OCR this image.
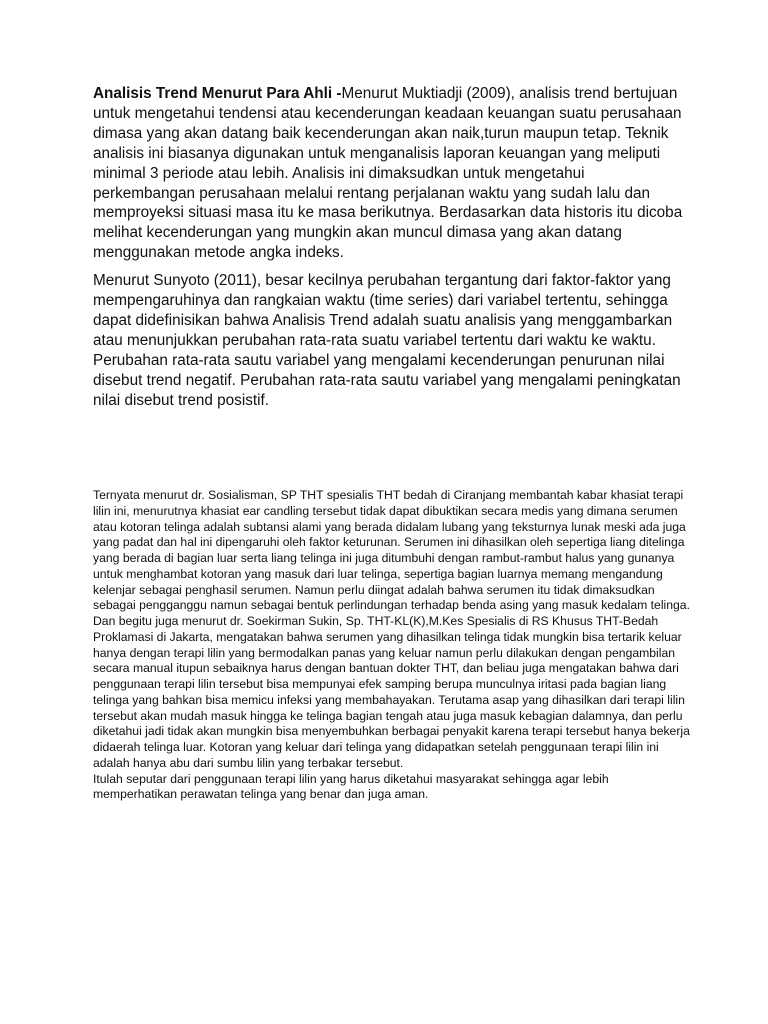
Analisis Trend Menurut Para Ahli -Menurut Muktiadji (2009), analisis trend bertujuan untuk mengetahui tendensi atau kecenderungan keadaan keuangan suatu perusahaan dimasa yang akan datang baik kecenderungan akan naik,turun maupun tetap. Teknik analisis ini biasanya digunakan untuk menganalisis laporan keuangan yang meliputi minimal 3 periode atau lebih. Analisis ini dimaksudkan untuk mengetahui perkembangan perusahaan melalui rentang perjalanan waktu yang sudah lalu dan memproyeksi situasi masa itu ke masa berikutnya. Berdasarkan data historis itu dicoba melihat kecenderungan yang mungkin akan muncul dimasa yang akan datang menggunakan metode angka indeks.

Menurut Sunyoto (2011), besar kecilnya perubahan tergantung dari faktor-faktor yang mempengaruhinya dan rangkaian waktu (time series) dari variabel tertentu, sehingga dapat didefinisikan bahwa Analisis Trend adalah suatu analisis yang menggambarkan atau menunjukkan perubahan rata-rata suatu variabel tertentu dari waktu ke waktu. Perubahan rata-rata sautu variabel yang mengalami kecenderungan penurunan nilai disebut trend negatif. Perubahan rata-rata sautu variabel yang mengalami peningkatan nilai disebut trend posistif.

Ternyata menurut dr. Sosialisman, SP THT spesialis THT bedah di Ciranjang membantah kabar khasiat terapi lilin ini, menurutnya khasiat ear candling tersebut tidak dapat dibuktikan secara medis yang dimana serumen atau kotoran telinga adalah subtansi alami yang berada didalam lubang yang teksturnya lunak meski ada juga yang padat dan hal ini dipengaruhi oleh faktor keturunan. Serumen ini dihasilkan oleh sepertiga liang ditelinga yang berada di bagian luar serta liang telinga ini juga ditumbuhi dengan rambut-rambut halus yang gunanya untuk menghambat kotoran yang masuk dari luar telinga, sepertiga bagian luarnya memang mengandung kelenjar sebagai penghasil serumen. Namun perlu diingat adalah bahwa serumen itu tidak dimaksudkan sebagai pengganggu namun sebagai bentuk perlindungan terhadap benda asing yang masuk kedalam telinga.

Dan begitu juga menurut dr. Soekirman Sukin, Sp. THT-KL(K),M.Kes Spesialis di RS Khusus THT-Bedah Proklamasi di Jakarta, mengatakan bahwa serumen yang dihasilkan telinga tidak mungkin bisa tertarik keluar hanya dengan terapi lilin yang bermodalkan panas yang keluar namun perlu dilakukan dengan pengambilan secara manual itupun sebaiknya harus dengan bantuan dokter THT, dan beliau juga mengatakan bahwa dari penggunaan terapi lilin tersebut bisa mempunyai efek samping berupa munculnya iritasi pada bagian liang telinga yang bahkan bisa memicu infeksi yang membahayakan. Terutama asap yang dihasilkan dari terapi lilin tersebut akan mudah masuk hingga ke telinga bagian tengah atau juga masuk kebagian dalamnya, dan perlu diketahui jadi tidak akan mungkin bisa menyembuhkan berbagai penyakit karena terapi tersebut hanya bekerja didaerah telinga luar. Kotoran yang keluar dari telinga yang didapatkan setelah penggunaan terapi lilin ini adalah hanya abu dari sumbu lilin yang terbakar tersebut.

Itulah seputar dari penggunaan terapi lilin yang harus diketahui masyarakat sehingga agar lebih memperhatikan perawatan telinga yang benar dan juga aman.
